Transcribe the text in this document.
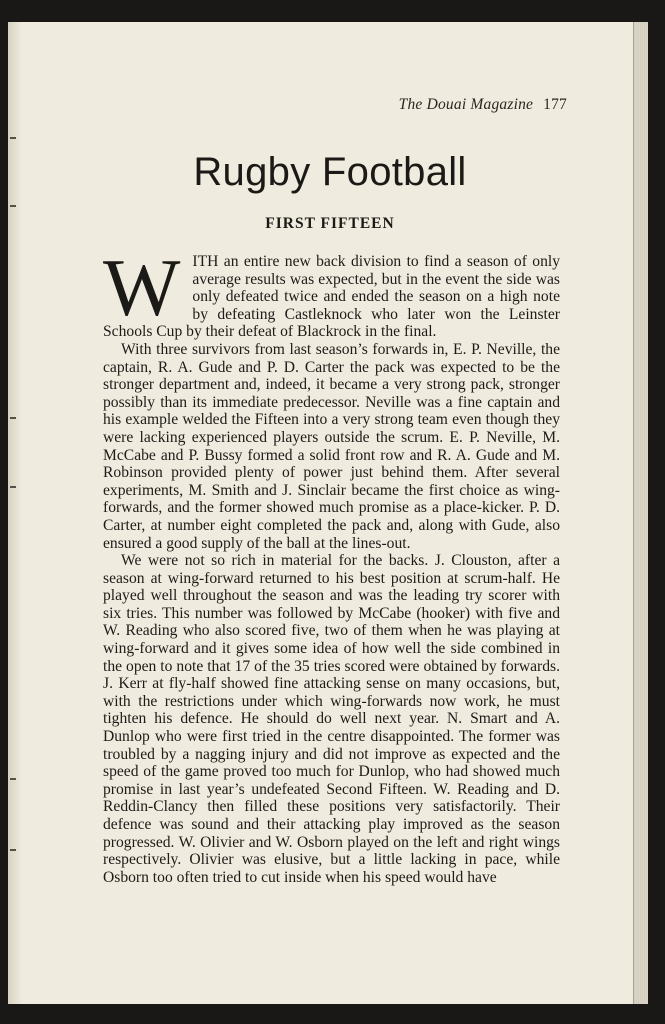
The Douai Magazine 177
Rugby Football
FIRST FIFTEEN

WITH an entire new back division to find a season of only average results was expected, but in the event the side was only defeated twice and ended the season on a high note by defeating Castleknock who later won the Leinster Schools Cup by their defeat of Blackrock in the final.

With three survivors from last season’s forwards in, E. P. Neville, the captain, R. A. Gude and P. D. Carter the pack was expected to be the stronger department and, indeed, it became a very strong pack, stronger possibly than its immediate predecessor. Neville was a fine captain and his example welded the Fifteen into a very strong team even though they were lacking experienced players outside the scrum. E. P. Neville, M. McCabe and P. Bussy formed a solid front row and R. A. Gude and M. Robinson provided plenty of power just behind them. After several experiments, M. Smith and J. Sinclair became the first choice as wing-forwards, and the former showed much promise as a place-kicker. P. D. Carter, at number eight completed the pack and, along with Gude, also ensured a good supply of the ball at the lines-out.

We were not so rich in material for the backs. J. Clouston, after a season at wing-forward returned to his best position at scrum-half. He played well throughout the season and was the leading try scorer with six tries. This number was followed by McCabe (hooker) with five and W. Reading who also scored five, two of them when he was playing at wing-forward and it gives some idea of how well the side combined in the open to note that 17 of the 35 tries scored were obtained by forwards. J. Kerr at fly-half showed fine attacking sense on many occasions, but, with the restrictions under which wing-forwards now work, he must tighten his defence. He should do well next year. N. Smart and A. Dunlop who were first tried in the centre disappointed. The former was troubled by a nagging injury and did not improve as expected and the speed of the game proved too much for Dunlop, who had showed much promise in last year’s undefeated Second Fifteen. W. Reading and D. Reddin-Clancy then filled these positions very satisfactorily. Their defence was sound and their attacking play improved as the season progressed. W. Olivier and W. Osborn played on the left and right wings respectively. Olivier was elusive, but a little lacking in pace, while Osborn too often tried to cut inside when his speed would have
